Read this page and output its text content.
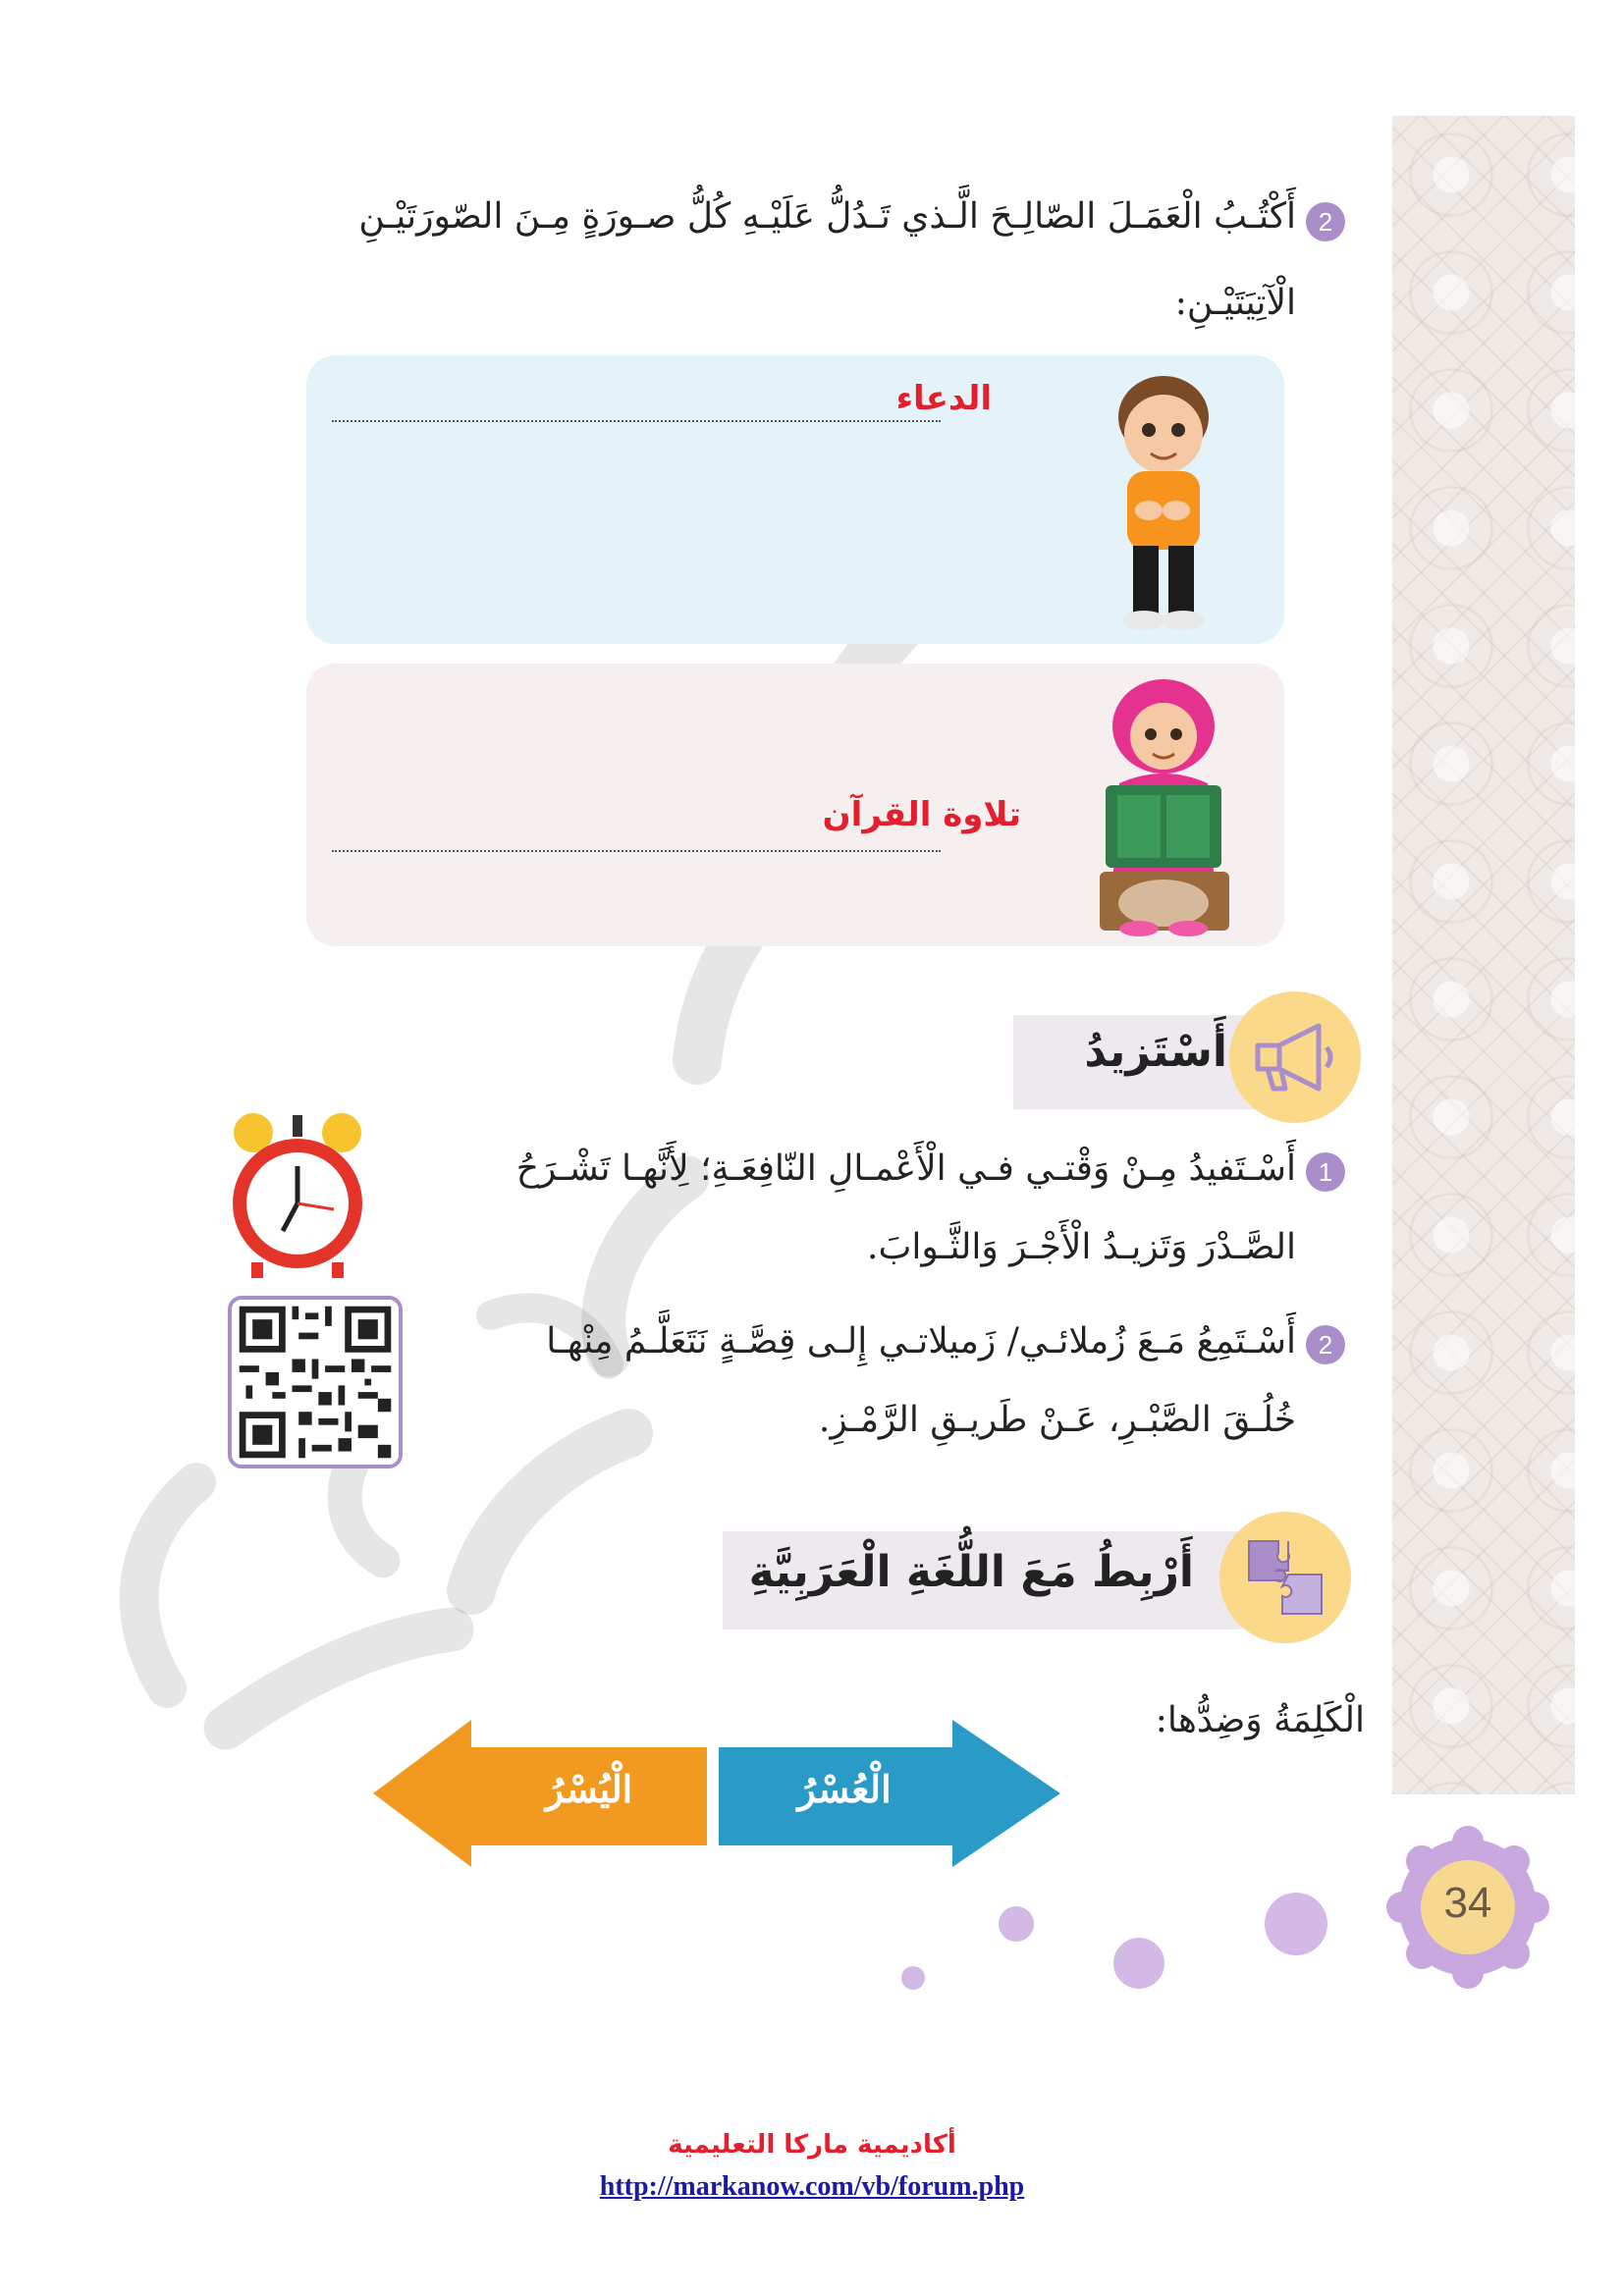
2
أَكْتُـبُ الْعَمَـلَ الصّالِـحَ الَّـذي تَـدُلُّ عَلَيْـهِ كُلُّ صـورَةٍ مِـنَ الصّورَتَيْـنِ
الْآتِيَتَيْـنِ:
الدعاء
تلاوة القرآن
أَسْتَزيدُ
1
أَسْـتَفيدُ مِـنْ وَقْتـي فـي الْأَعْمـالِ النّافِعَـةِ؛ لِأَنَّهـا تَشْـرَحُ
الصَّـدْرَ وَتَزيـدُ الْأَجْـرَ وَالثَّـوابَ.
2
أَسْـتَمِعُ مَـعَ زُملائـي/ زَميلاتـي إِلـى قِصَّـةٍ نَتَعَلَّـمُ مِنْهـا
خُلُـقَ الصَّبْـرِ، عَـنْ طَريـقِ الرَّمْـزِ.
أَرْبِطُ مَعَ اللُّغَةِ الْعَرَبِيَّةِ
الْكَلِمَةُ وَضِدُّها:
الْيُسْرُ	الْعُسْرُ
34
أكاديمية ماركا التعليمية
http://markanow.com/vb/forum.php
